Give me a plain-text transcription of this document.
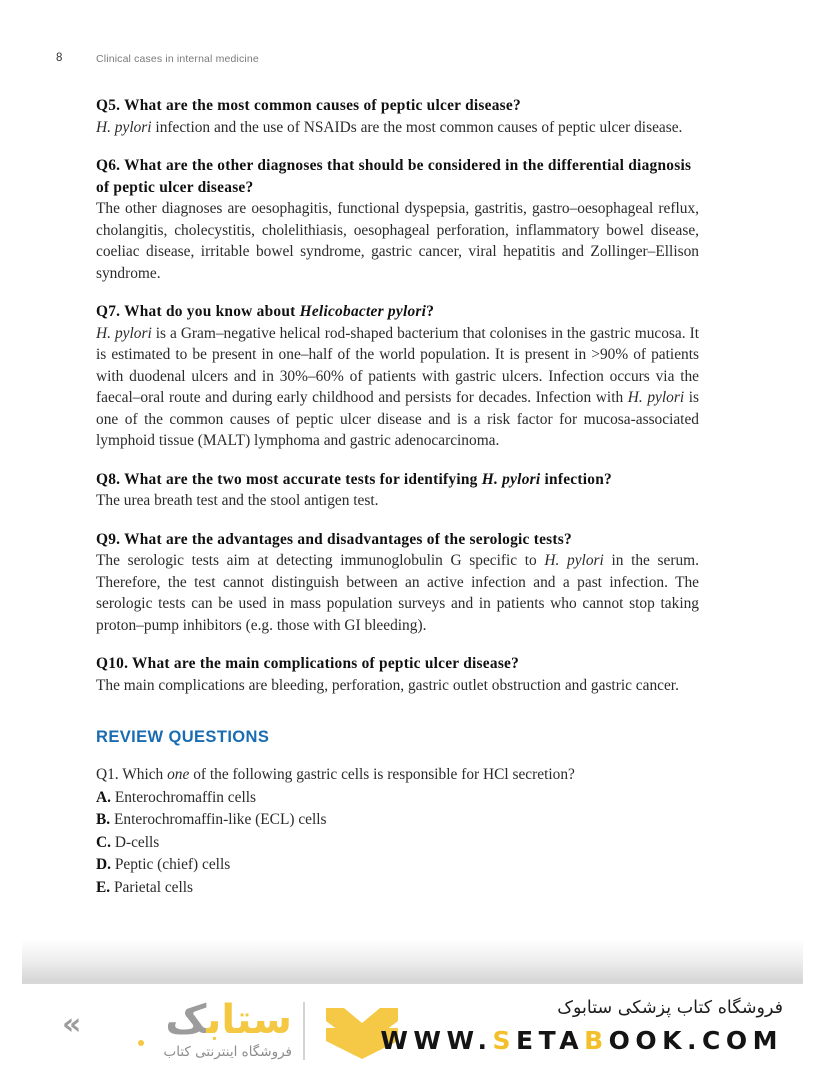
8	Clinical cases in internal medicine
Q5. What are the most common causes of peptic ulcer disease?
H. pylori infection and the use of NSAIDs are the most common causes of peptic ulcer disease.
Q6. What are the other diagnoses that should be considered in the differential diagnosis of peptic ulcer disease?
The other diagnoses are oesophagitis, functional dyspepsia, gastritis, gastro–oesophageal reflux, cholangitis, cholecystitis, cholelithiasis, oesophageal perforation, inflammatory bowel disease, coeliac disease, irritable bowel syndrome, gastric cancer, viral hepatitis and Zollinger–Ellison syndrome.
Q7. What do you know about Helicobacter pylori?
H. pylori is a Gram–negative helical rod-shaped bacterium that colonises in the gastric mucosa. It is estimated to be present in one–half of the world population. It is present in >90% of patients with duodenal ulcers and in 30%–60% of patients with gastric ulcers. Infection occurs via the faecal–oral route and during early childhood and persists for decades. Infection with H. pylori is one of the common causes of peptic ulcer disease and is a risk factor for mucosa-associated lymphoid tissue (MALT) lymphoma and gastric adenocarcinoma.
Q8. What are the two most accurate tests for identifying H. pylori infection?
The urea breath test and the stool antigen test.
Q9. What are the advantages and disadvantages of the serologic tests?
The serologic tests aim at detecting immunoglobulin G specific to H. pylori in the serum. Therefore, the test cannot distinguish between an active infection and a past infection. The serologic tests can be used in mass population surveys and in patients who cannot stop taking proton–pump inhibitors (e.g. those with GI bleeding).
Q10. What are the main complications of peptic ulcer disease?
The main complications are bleeding, perforation, gastric outlet obstruction and gastric cancer.
REVIEW QUESTIONS
Q1. Which one of the following gastric cells is responsible for HCl secretion?
A. Enterochromaffin cells
B. Enterochromaffin-like (ECL) cells
C. D-cells
D. Peptic (chief) cells
E. Parietal cells
«	ستابک
فروشگاه اینترنتی کتاب
فروشگاه کتاب پزشکی ستابوک
WWW.SETABOOK.COM
